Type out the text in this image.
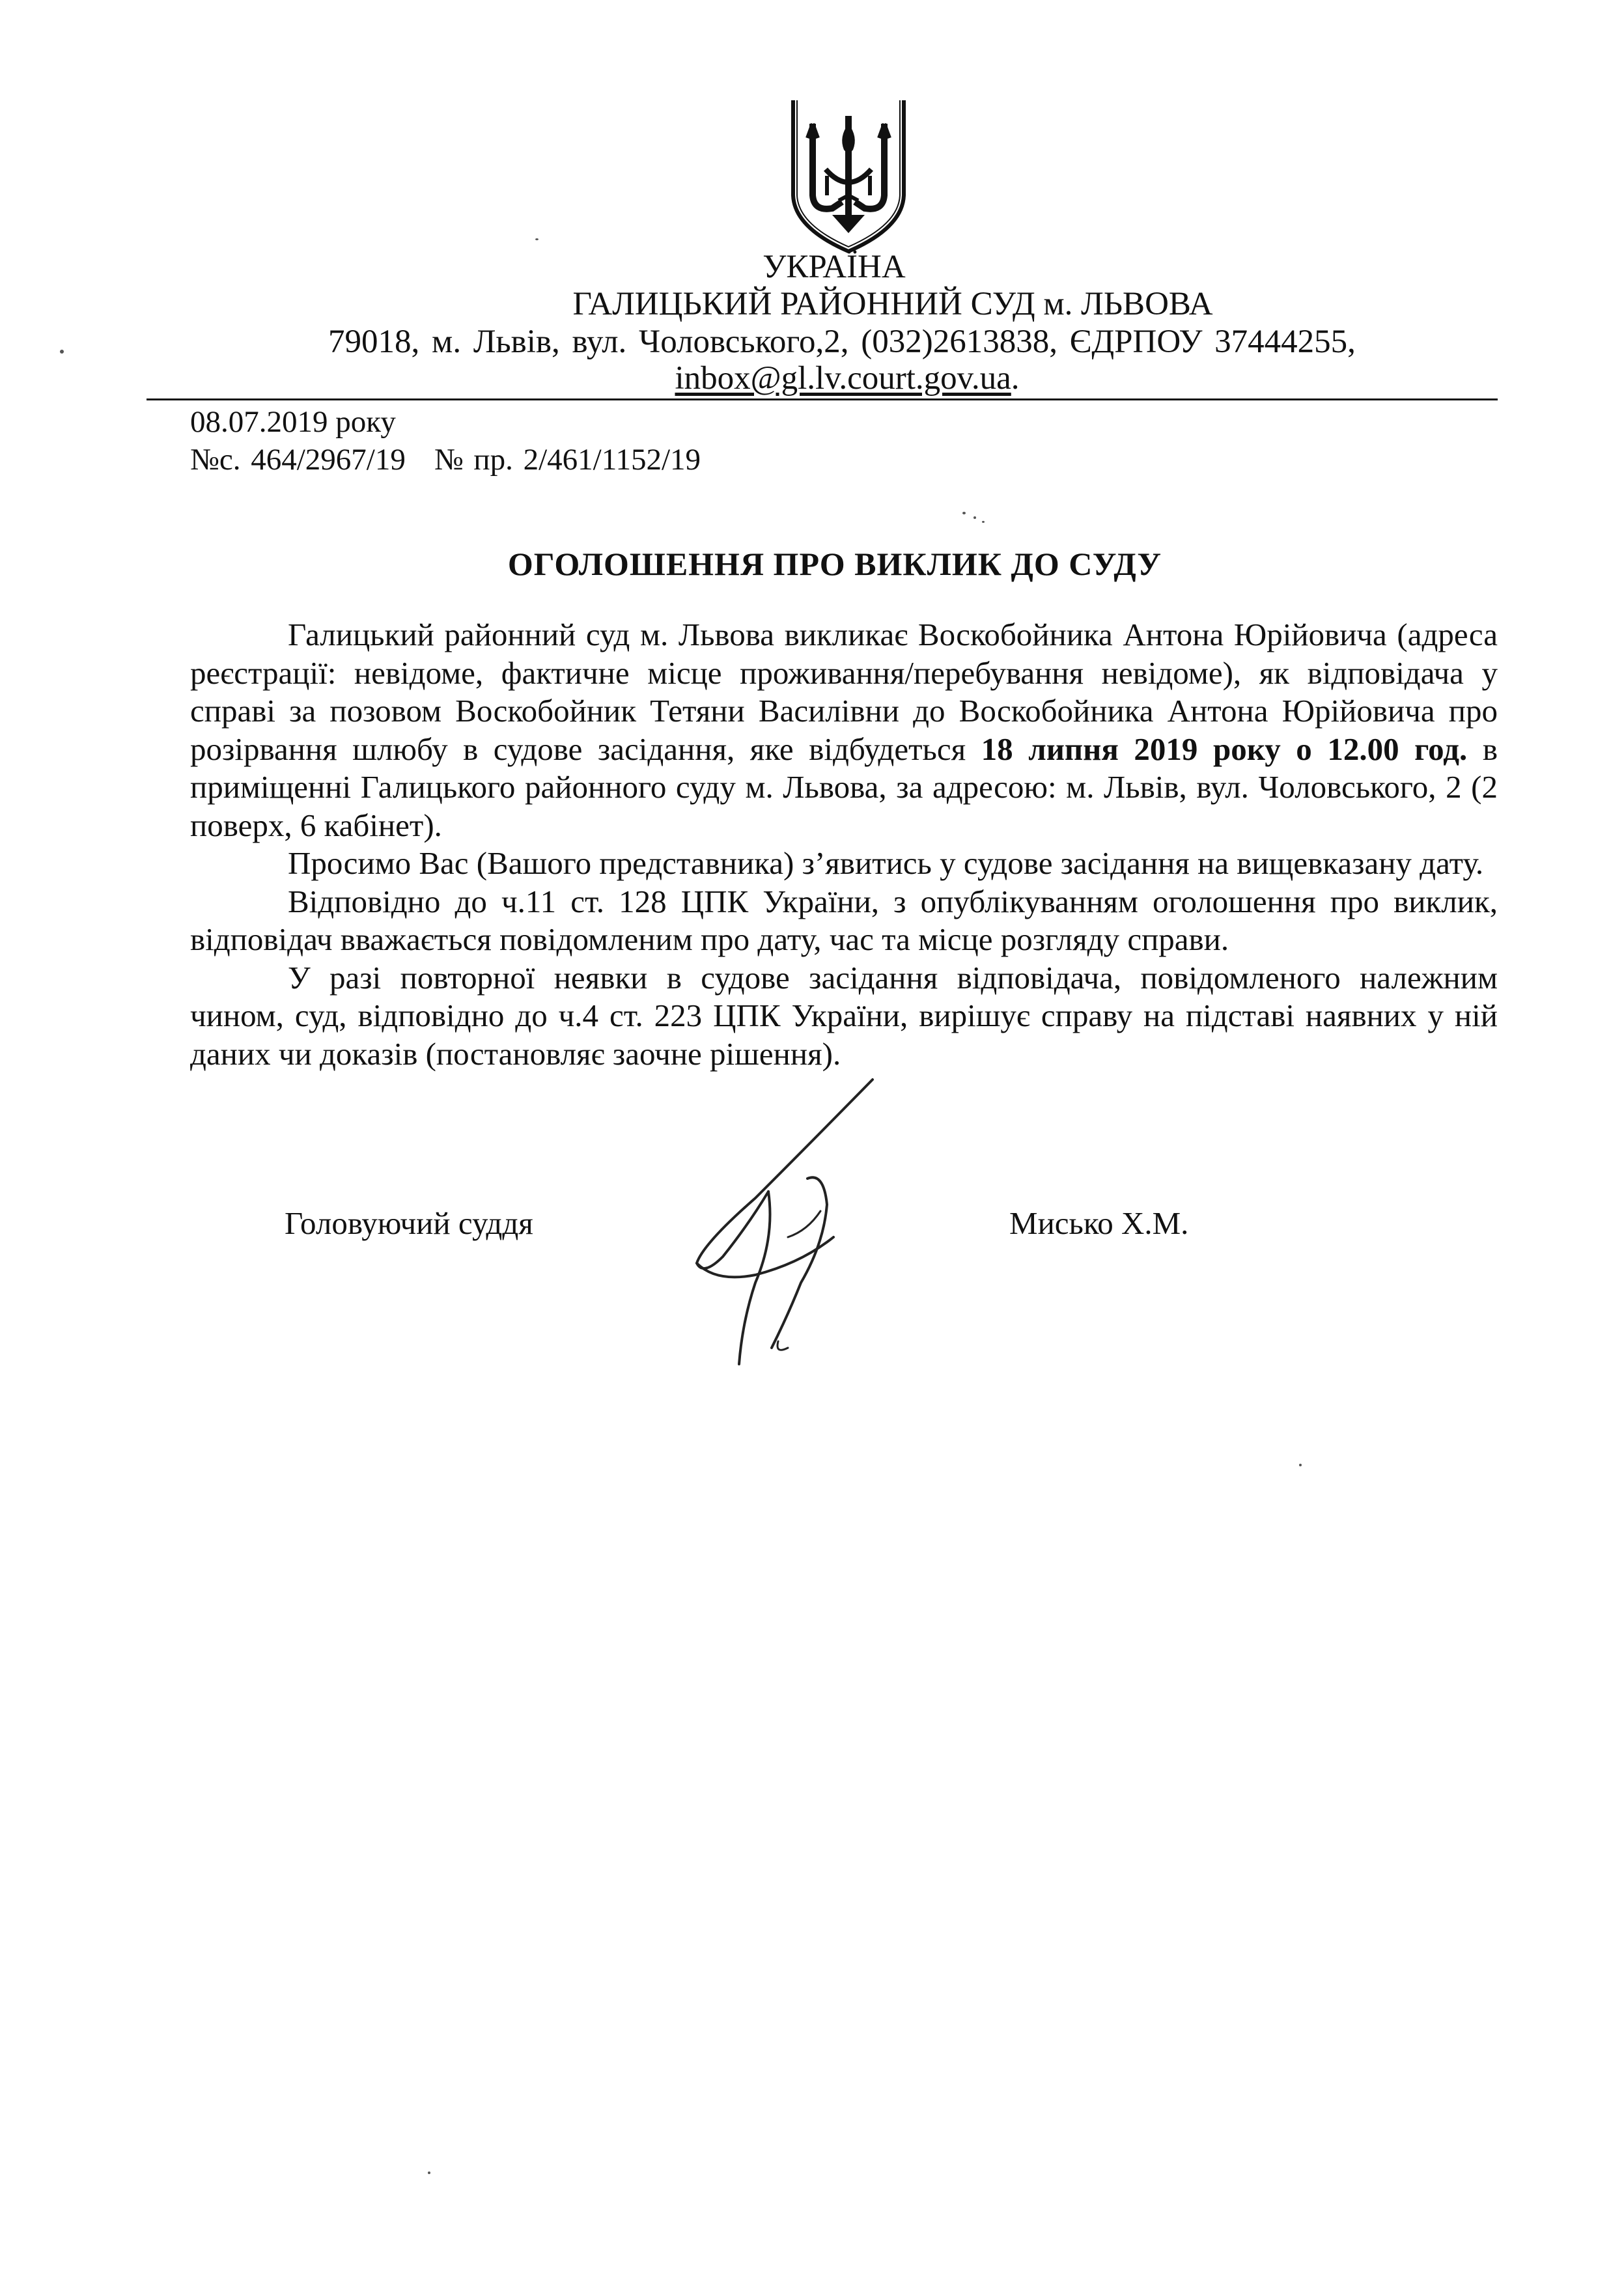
УКРАЇНА
ГАЛИЦЬКИЙ РАЙОННИЙ СУД м. ЛЬВОВА
79018, м. Львів, вул. Чоловського,2, (032)2613838, ЄДРПОУ 37444255,
inbox@gl.lv.court.gov.ua.
08.07.2019 року
№с. 464/2967/19 № пр. 2/461/1152/19
ОГОЛОШЕННЯ ПРО ВИКЛИК ДО СУДУ

Галицький районний суд м. Львова викликає Воскобойника Антона Юрійовича (адреса реєстрації: невідоме, фактичне місце проживання/перебування невідоме), як відповідача у справі за позовом Воскобойник Тетяни Василівни до Воскобойника Антона Юрійовича про розірвання шлюбу в судове засідання, яке відбудеться 18 липня 2019 року о 12.00 год. в приміщенні Галицького районного суду м. Львова, за адресою: м. Львів, вул. Чоловського, 2 (2 поверх, 6 кабінет).

Просимо Вас (Вашого представника) з’явитись у судове засідання на вищевказану дату.

Відповідно до ч.11 ст. 128 ЦПК України, з опублікуванням оголошення про виклик, відповідач вважається повідомленим про дату, час та місце розгляду справи.

У разі повторної неявки в судове засідання відповідача, повідомленого належним чином, суд, відповідно до ч.4 ст. 223 ЦПК України, вирішує справу на підставі наявних у ній даних чи доказів (постановляє заочне рішення).

Головуючий суддя	Мисько Х.М.
